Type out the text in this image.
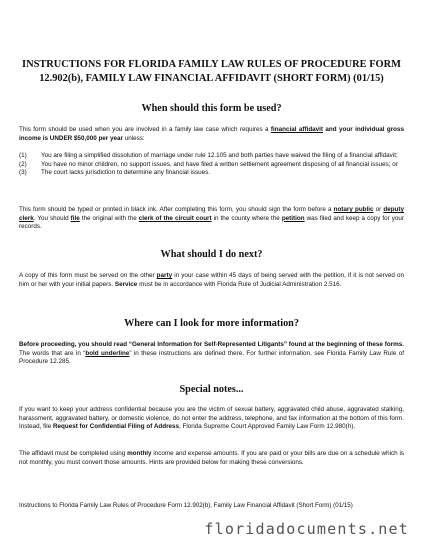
INSTRUCTIONS FOR FLORIDA FAMILY LAW RULES OF PROCEDURE FORM
12.902(b), FAMILY LAW FINANCIAL AFFIDAVIT (SHORT FORM) (01/15)
When should this form be used?
This form should be used when you are involved in a family law case which requires a financial affidavit and your individual gross income is UNDER $50,000 per year unless:
(1) You are filing a simplified dissolution of marriage under rule 12.105 and both parties have waived the filing of a financial affidavit;
(2) You have no minor children, no support issues, and have filed a written settlement agreement disposing of all financial issues; or
(3) The court lacks jurisdiction to determine any financial issues.
This form should be typed or printed in black ink. After completing this form, you should sign the form before a notary public or deputy clerk. You should file the original with the clerk of the circuit court in the county where the petition was filed and keep a copy for your records.
What should I do next?
A copy of this form must be served on the other party in your case within 45 days of being served with the petition, if it is not served on him or her with your initial papers. Service must be in accordance with Florida Rule of Judicial Administration 2.516.
Where can I look for more information?
Before proceeding, you should read “General Information for Self-Represented Litigants” found at the beginning of these forms. The words that are in “bold underline” in these instructions are defined there. For further information, see Florida Family Law Rule of Procedure 12.285.
Special notes...
If you want to keep your address confidential because you are the victim of sexual battery, aggravated child abuse, aggravated stalking, harassment, aggravated battery, or domestic violence, do not enter the address, telephone, and fax information at the bottom of this form. Instead, file Request for Confidential Filing of Address, Florida Supreme Court Approved Family Law Form 12.980(h).
The affidavit must be completed using monthly income and expense amounts. If you are paid or your bills are due on a schedule which is not monthly, you must convert those amounts. Hints are provided below for making these conversions.
Instructions to Florida Family Law Rules of Procedure Form 12.902(b), Family Law Financial Affidavit (Short Form) (01/15)
floridadocuments.net
